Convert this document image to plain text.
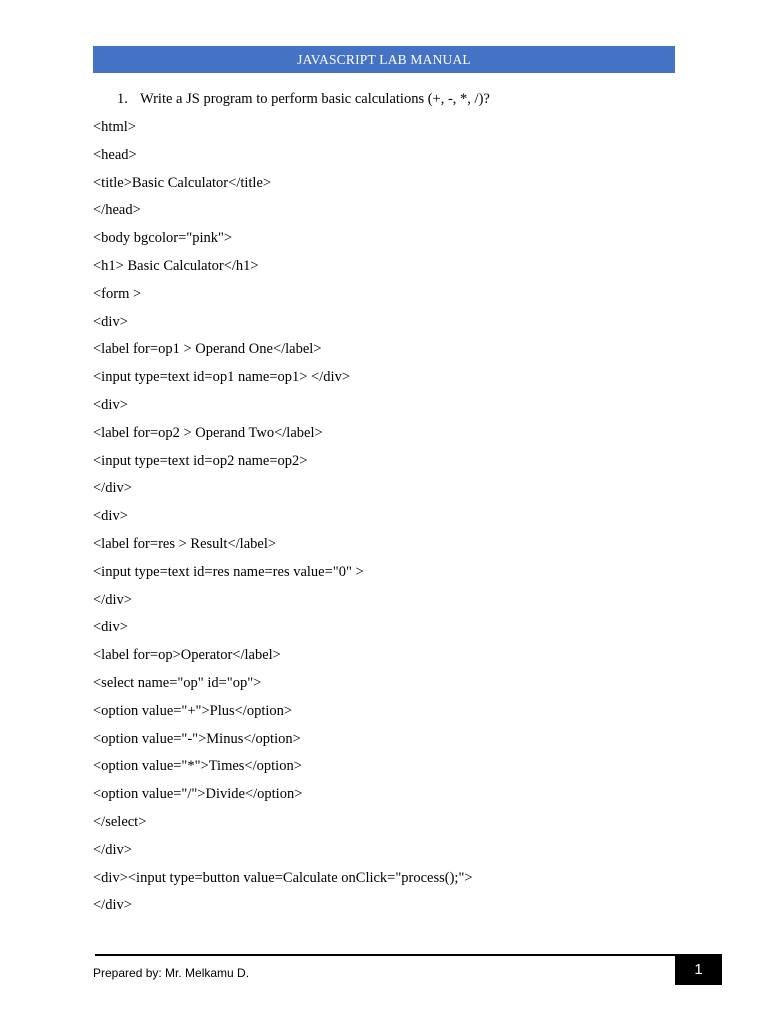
JAVASCRIPT LAB MANUAL
1. Write a JS program to perform basic calculations (+, -, *, /)?
<html>
<head>
<title>Basic Calculator</title>
</head>
<body bgcolor="pink">
<h1> Basic Calculator</h1>
<form >
<div>
<label for=op1 > Operand One</label>
<input type=text id=op1 name=op1> </div>
<div>
<label for=op2 > Operand Two</label>
<input type=text id=op2 name=op2>
</div>
<div>
<label for=res > Result</label>
<input type=text id=res name=res value="0" >
</div>
<div>
<label for=op>Operator</label>
<select name="op" id="op">
<option value="+">Plus</option>
<option value="-">Minus</option>
<option value="*">Times</option>
<option value="/">Divide</option>
</select>
</div>
<div><input type=button value=Calculate onClick="process();">
</div>
Prepared by: Mr. Melkamu D.	1
